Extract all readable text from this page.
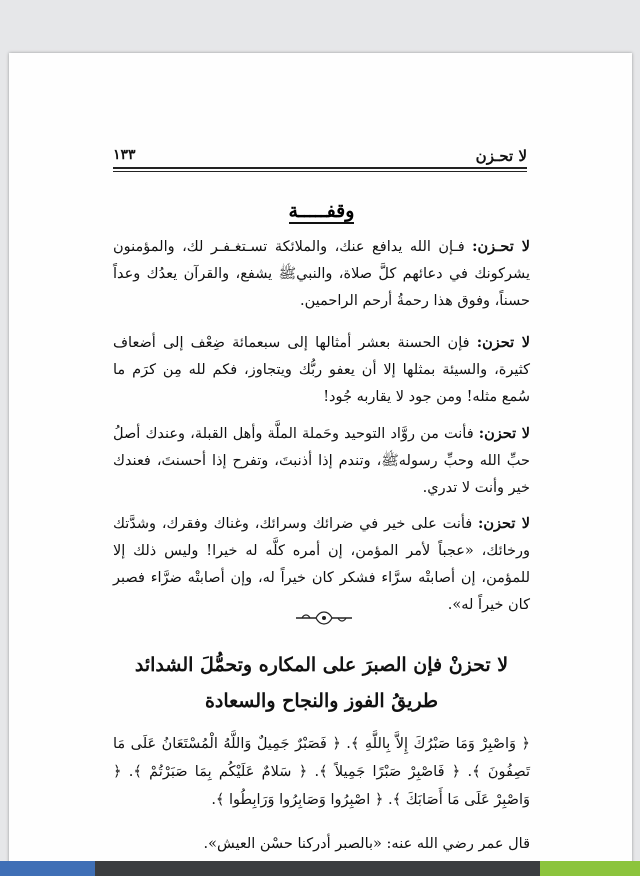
لا تحـزن
١٣٣
وقفـــــة

لا تحـزن: فـإن الله يدافع عنك، والملائكة تسـتغـفـر لك، والمؤمنون يشركونك في دعائهم كلَّ صلاة، والنبيﷺ يشفع، والقرآن يعدُك وعداً حسناً، وفوق هذا رحمةُ أرحم الراحمين.

لا تحزن: فإن الحسنة بعشر أمثالها إلى سبعمائة ضِعْف إلى أضعاف كثيرة، والسيئة بمثلها إلا أن يعفو ربُّك ويتجاوز، فكم لله مِن كرَم ما سُمع مثله! ومن جود لا يقاربه جُود!

لا تحزن: فأنت من روَّاد التوحيد وحَملة الملَّة وأهل القبلة، وعندك أصلُ حبِّ الله وحبِّ رسولهﷺ، وتندم إذا أذنبتَ، وتفرح إذا أحسنتَ، فعندك خير وأنت لا تدري.

لا تحزن: فأنت على خير في ضرائك وسرائك، وغناك وفقرك، وشدَّتك ورخائك، «عجباً لأمر المؤمن، إن أمره كلَّه له خيرا! وليس ذلك إلا للمؤمن، إن أصابتْه سرَّاء فشكر كان خيراً له، وإن أصابتْه ضرَّاء فصبر كان خيراً له».

لا تحزنْ فإن الصبرَ على المكاره وتحمُّلَ الشدائد
طريقُ الفوز والنجاح والسعادة

﴿ وَاصْبِرْ وَمَا صَبْرُكَ إِلاَّ بِاللَّهِ ﴾. ﴿ فَصَبْرٌ جَمِيلٌ وَاللَّهُ الْمُسْتَعَانُ عَلَى مَا تَصِفُونَ ﴾. ﴿ فَاصْبِرْ صَبْرًا جَمِيلاً ﴾. ﴿ سَلامٌ عَلَيْكُم بِمَا صَبَرْتُمْ ﴾. ﴿ وَاصْبِرْ عَلَى مَا أَصَابَكَ ﴾. ﴿ اصْبِرُوا وَصَابِرُوا وَرَابِطُوا ﴾.

قال عمر رضي الله عنه: «بالصبر أدركنا حسْن العيش».
